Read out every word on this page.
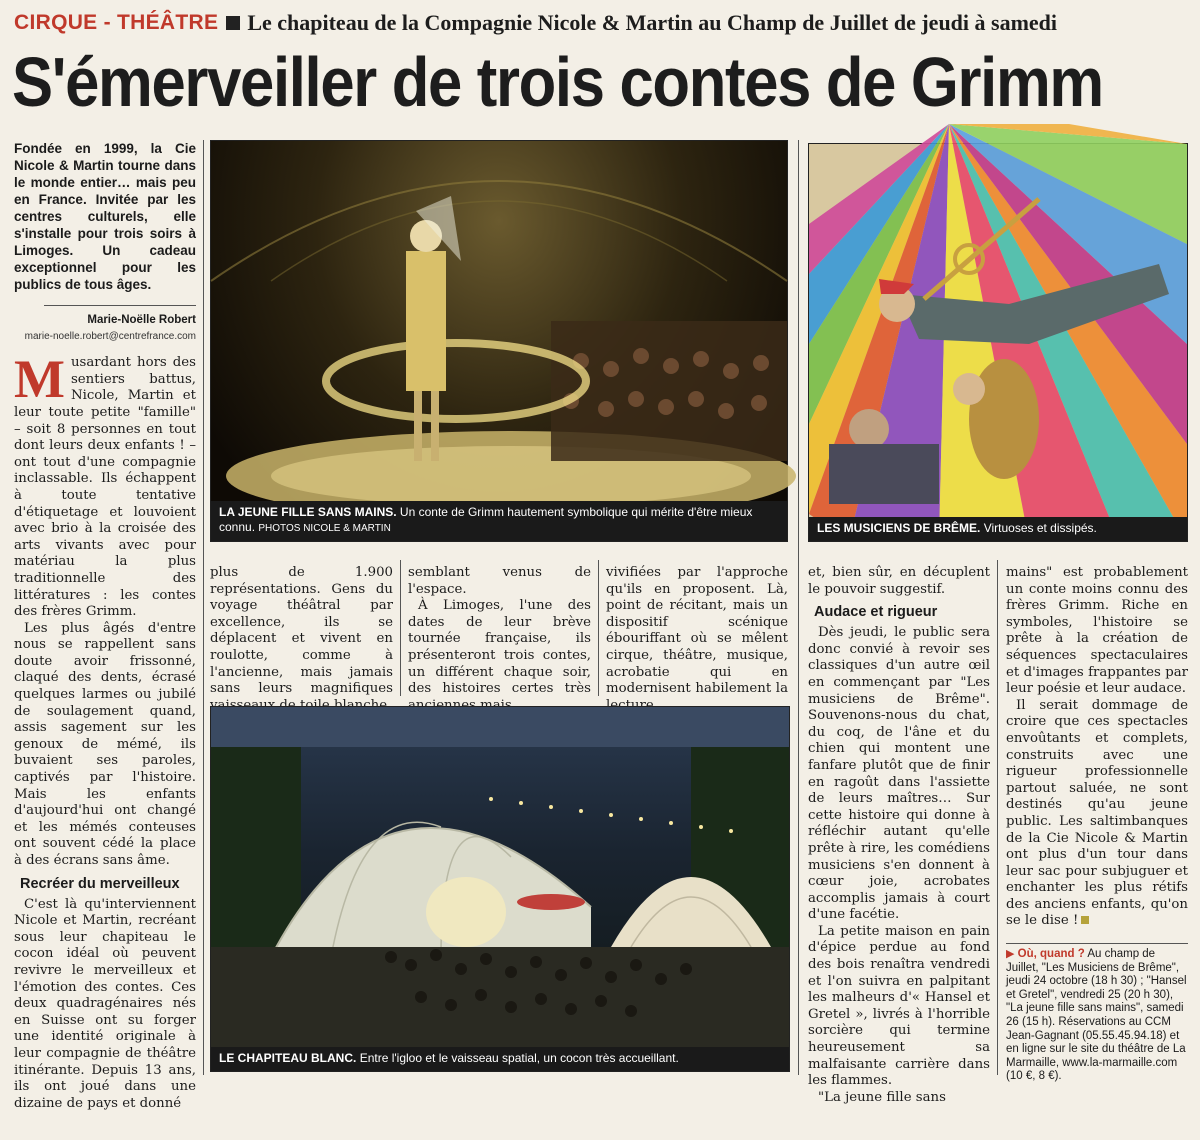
CIRQUE - THÉÂTRE Le chapiteau de la Compagnie Nicole & Martin au Champ de Juillet de jeudi à samedi
S'émerveiller de trois contes de Grimm

Fondée en 1999, la Cie Nicole & Martin tourne dans le monde entier… mais peu en France. Invitée par les centres culturels, elle s'installe pour trois soirs à Limoges. Un cadeau exceptionnel pour les publics de tous âges.

Marie-Noëlle Robert
marie-noelle.robert@centrefrance.com

Musardant hors des sentiers battus, Nicole, Martin et leur toute petite "famille" – soit 8 personnes en tout dont leurs deux enfants ! – ont tout d'une compagnie inclassable. Ils échappent à toute tentative d'étiquetage et louvoient avec brio à la croisée des arts vivants avec pour matériau la plus traditionnelle des littératures : les contes des frères Grimm.

Les plus âgés d'entre nous se rappellent sans doute avoir frissonné, claqué des dents, écrasé quelques larmes ou jubilé de soulagement quand, assis sagement sur les genoux de mémé, ils buvaient ses paroles, captivés par l'histoire. Mais les enfants d'aujourd'hui ont changé et les mémés conteuses ont souvent cédé la place à des écrans sans âme.

Recréer du merveilleux

C'est là qu'interviennent Nicole et Martin, recréant sous leur chapiteau le cocon idéal où peuvent revivre le merveilleux et l'émotion des contes. Ces deux quadragénaires nés en Suisse ont su forger une identité originale à leur compagnie de théâtre itinérante. Depuis 13 ans, ils ont joué dans une dizaine de pays et donné

LA JEUNE FILLE SANS MAINS. Un conte de Grimm hautement symbolique qui mérite d'être mieux connu. PHOTOS NICOLE & MARTIN	LES MUSICIENS DE BRÊME. Virtuoses et dissipés.

plus de 1.900 représentations. Gens du voyage théâtral par excellence, ils se déplacent et vivent en roulotte, comme à l'ancienne, mais jamais sans leurs magnifiques

semblant venus de l'espace.

À Limoges, l'une des dates de leur brève tournée française, ils présenteront trois contes, un différent chaque soir, des histoires certes très

vivifiées par l'approche qu'ils en proposent. Là, point de récitant, mais un dispositif scénique ébouriffant où se mêlent cirque, théâtre, musique, acrobatie qui en modernisent habilement la

LE CHAPITEAU BLANC. Entre l'igloo et le vaisseau spatial, un cocon très accueillant.

et, bien sûr, en décuplent le pouvoir suggestif.

Audace et rigueur

Dès jeudi, le public sera donc convié à revoir ses classiques d'un autre œil en commençant par "Les musiciens de Brême". Souvenons-nous du chat, du coq, de l'âne et du chien qui montent une fanfare plutôt que de finir en ragoût dans l'assiette de leurs maîtres… Sur cette histoire qui donne à réfléchir autant qu'elle prête à rire, les comédiens musiciens s'en donnent à cœur joie, acrobates accomplis jamais à court d'une facétie.

La petite maison en pain d'épice perdue au fond des bois renaîtra vendredi et l'on suivra en palpitant les malheurs d'« Hansel et Gretel », livrés à l'horrible sorcière qui termine heureusement sa malfaisante carrière dans les flammes.

"La jeune fille sans

mains" est probablement un conte moins connu des frères Grimm. Riche en symboles, l'histoire se prête à la création de séquences spectaculaires et d'images frappantes par leur poésie et leur audace.

Il serait dommage de croire que ces spectacles envoûtants et complets, construits avec une rigueur professionnelle partout saluée, ne sont destinés qu'au jeune public. Les saltimbanques de la Cie Nicole & Martin ont plus d'un tour dans leur sac pour subjuguer et enchanter les plus rétifs des anciens enfants, qu'on se le dise !

▶ Où, quand ? Au champ de Juillet, "Les Musiciens de Brême", jeudi 24 octobre (18 h 30) ; "Hansel et Gretel", vendredi 25 (20 h 30), "La jeune fille sans mains", samedi 26 (15 h). Réservations au CCM Jean-Gagnant (05.55.45.94.18) et en ligne sur le site du théâtre de La Marmaille, www.la-marmaille.com (10 €, 8 €).
